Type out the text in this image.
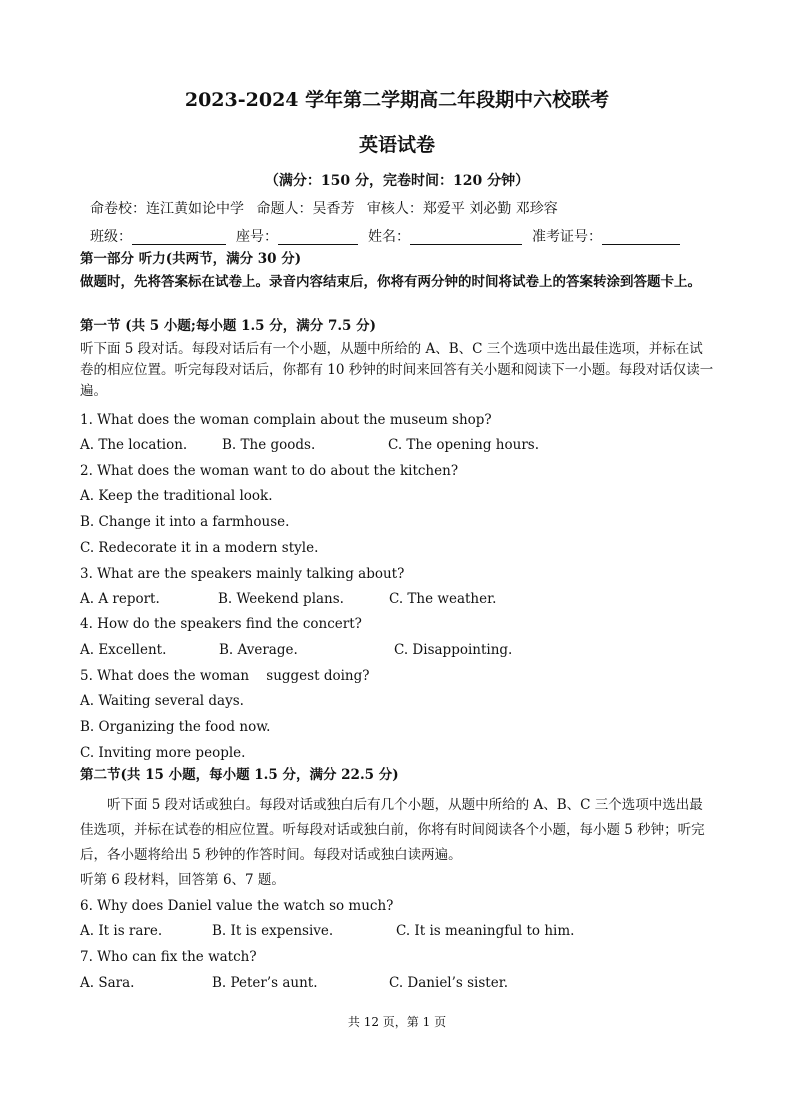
2023-2024 学年第二学期高二年段期中六校联考
英语试卷
（满分：150 分，完卷时间：120 分钟）
命卷校：连江黄如论中学 命题人：吴香芳 审核人：郑爱平 刘必勤 邓珍容
班级：	座号：	姓名：	准考证号：
第一部分 听力(共两节，满分 30 分)
做题时，先将答案标在试卷上。录音内容结束后，你将有两分钟的时间将试卷上的答案转涂到答题卡上。
第一节 (共 5 小题;每小题 1.5 分，满分 7.5 分)
听下面 5 段对话。每段对话后有一个小题，从题中所给的 A、B、C 三个选项中选出最佳选项，并标在试卷的相应位置。听完每段对话后，你都有 10 秒钟的时间来回答有关小题和阅读下一小题。每段对话仅读一遍。
1. What does the woman complain about the museum shop?
A. The location.	B. The goods.	C. The opening hours.
2. What does the woman want to do about the kitchen?
A. Keep the traditional look.
B. Change it into a farmhouse.
C. Redecorate it in a modern style.
3. What are the speakers mainly talking about?
A. A report.	B. Weekend plans.	C. The weather.
4. How do the speakers find the concert?
A. Excellent.	B. Average.	C. Disappointing.
5. What does the woman    suggest doing?
A. Waiting several days.
B. Organizing the food now.
C. Inviting more people.
第二节(共 15 小题，每小题 1.5 分，满分 22.5 分)
听下面 5 段对话或独白。每段对话或独白后有几个小题，从题中所给的 A、B、C 三个选项中选出最佳选项，并标在试卷的相应位置。听每段对话或独白前，你将有时间阅读各个小题，每小题 5 秒钟；听完后，各小题将给出 5 秒钟的作答时间。每段对话或独白读两遍。
听第 6 段材料，回答第 6、7 题。
6. Why does Daniel value the watch so much?
A. It is rare.	B. It is expensive.	C. It is meaningful to him.
7. Who can fix the watch?
A. Sara.	B. Peter’s aunt.	C. Daniel’s sister.
共 12 页，第 1 页
